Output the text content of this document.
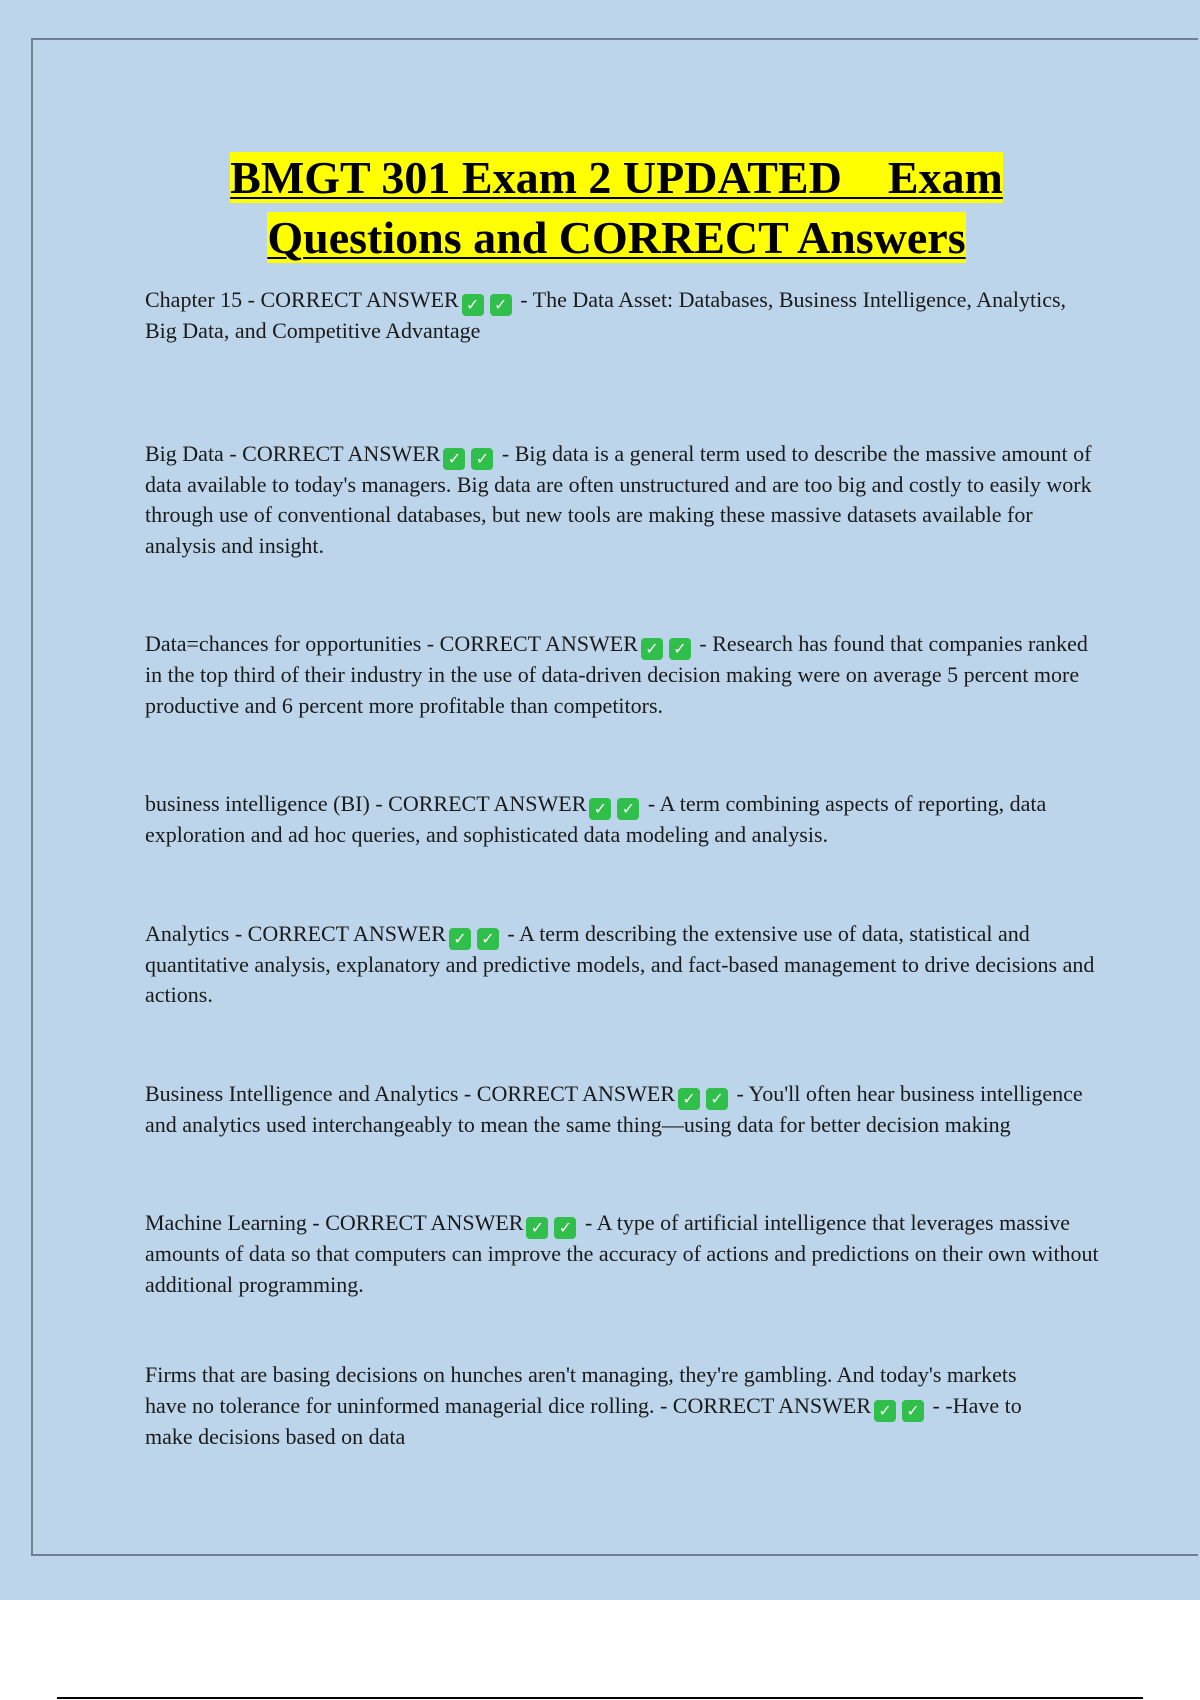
BMGT 301 Exam 2 UPDATED    Exam
Questions and CORRECT Answers

Chapter 15 - CORRECT ANSWER ✓ ✓ - The Data Asset: Databases, Business Intelligence, Analytics, Big Data, and Competitive Advantage

Big Data - CORRECT ANSWER ✓ ✓ - Big data is a general term used to describe the massive amount of data available to today's managers. Big data are often unstructured and are too big and costly to easily work through use of conventional databases, but new tools are making these massive datasets available for analysis and insight.

Data=chances for opportunities - CORRECT ANSWER ✓ ✓ - Research has found that companies ranked in the top third of their industry in the use of data-driven decision making were on average 5 percent more productive and 6 percent more profitable than competitors.

business intelligence (BI) - CORRECT ANSWER ✓ ✓ - A term combining aspects of reporting, data exploration and ad hoc queries, and sophisticated data modeling and analysis.

Analytics - CORRECT ANSWER ✓ ✓ - A term describing the extensive use of data, statistical and quantitative analysis, explanatory and predictive models, and fact-based management to drive decisions and actions.

Business Intelligence and Analytics - CORRECT ANSWER ✓ ✓ - You'll often hear business intelligence and analytics used interchangeably to mean the same thing—using data for better decision making

Machine Learning - CORRECT ANSWER ✓ ✓ - A type of artificial intelligence that leverages massive amounts of data so that computers can improve the accuracy of actions and predictions on their own without additional programming.

Firms that are basing decisions on hunches aren't managing, they're gambling. And today's markets have no tolerance for uninformed managerial dice rolling. - CORRECT ANSWER ✓ ✓ - -Have to make decisions based on data
